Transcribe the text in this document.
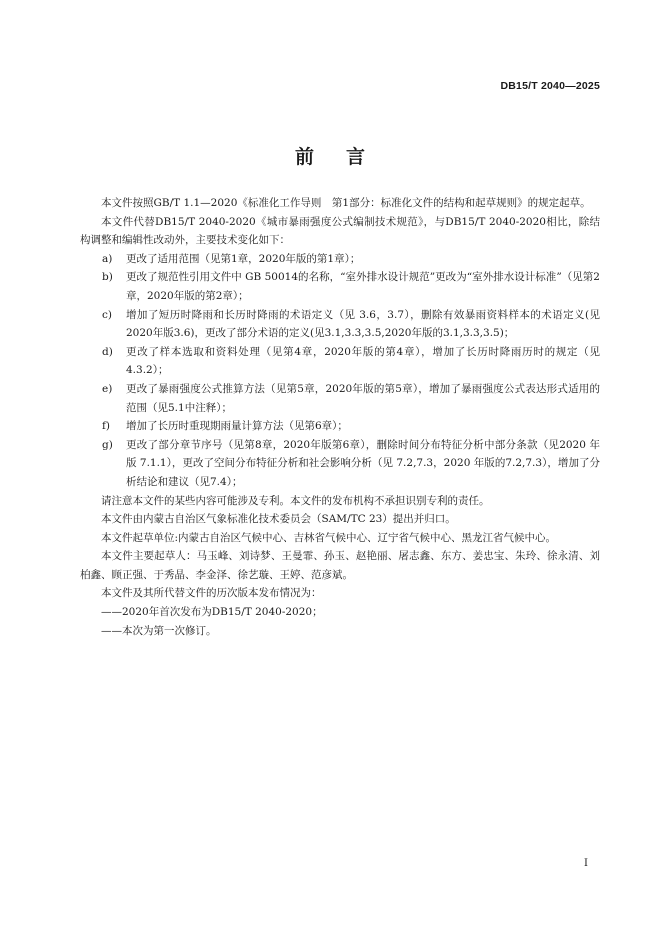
DB15/T 2040—2025
前 言

本文件按照GB/T 1.1—2020《标准化工作导则　第1部分：标准化文件的结构和起草规则》的规定起草。

本文件代替DB15/T 2040-2020《城市暴雨强度公式编制技术规范》，与DB15/T 2040-2020相比，除结构调整和编辑性改动外，主要技术变化如下：

a)	更改了适用范围（见第1章，2020年版的第1章）；
b)	更改了规范性引用文件中 GB 50014的名称，“室外排水设计规范”更改为“室外排水设计标准”（见第2章，2020年版的第2章）；
c)	增加了短历时降雨和长历时降雨的术语定义（见 3.6，3.7），删除有效暴雨资料样本的术语定义(见2020年版3.6)，更改了部分术语的定义(见3.1,3.3,3.5,2020年版的3.1,3.3,3.5)；
d)	更改了样本选取和资料处理（见第4章，2020年版的第4章），增加了长历时降雨历时的规定（见4.3.2）；
e)	更改了暴雨强度公式推算方法（见第5章，2020年版的第5章），增加了暴雨强度公式表达形式适用的范围（见5.1中注释）；
f)	增加了长历时重现期雨量计算方法（见第6章）；
g)	更改了部分章节序号（见第8章，2020年版第6章），删除时间分布特征分析中部分条款（见2020 年版 7.1.1），更改了空间分布特征分析和社会影响分析（见 7.2,7.3，2020 年版的7.2,7.3），增加了分析结论和建议（见7.4）；

请注意本文件的某些内容可能涉及专利。本文件的发布机构不承担识别专利的责任。

本文件由内蒙古自治区气象标准化技术委员会（SAM/TC 23）提出并归口。

本文件起草单位:内蒙古自治区气候中心、吉林省气候中心、辽宁省气候中心、黑龙江省气候中心。

本文件主要起草人：马玉峰、刘诗梦、王曼霏、孙玉、赵艳丽、屠志鑫、东方、姜忠宝、朱玲、徐永清、刘柏鑫、顾正强、于秀晶、李金泽、徐艺璇、王婷、范彦斌。

本文件及其所代替文件的历次版本发布情况为：

——2020年首次发布为DB15/T 2040-2020；

——本次为第一次修订。

I
